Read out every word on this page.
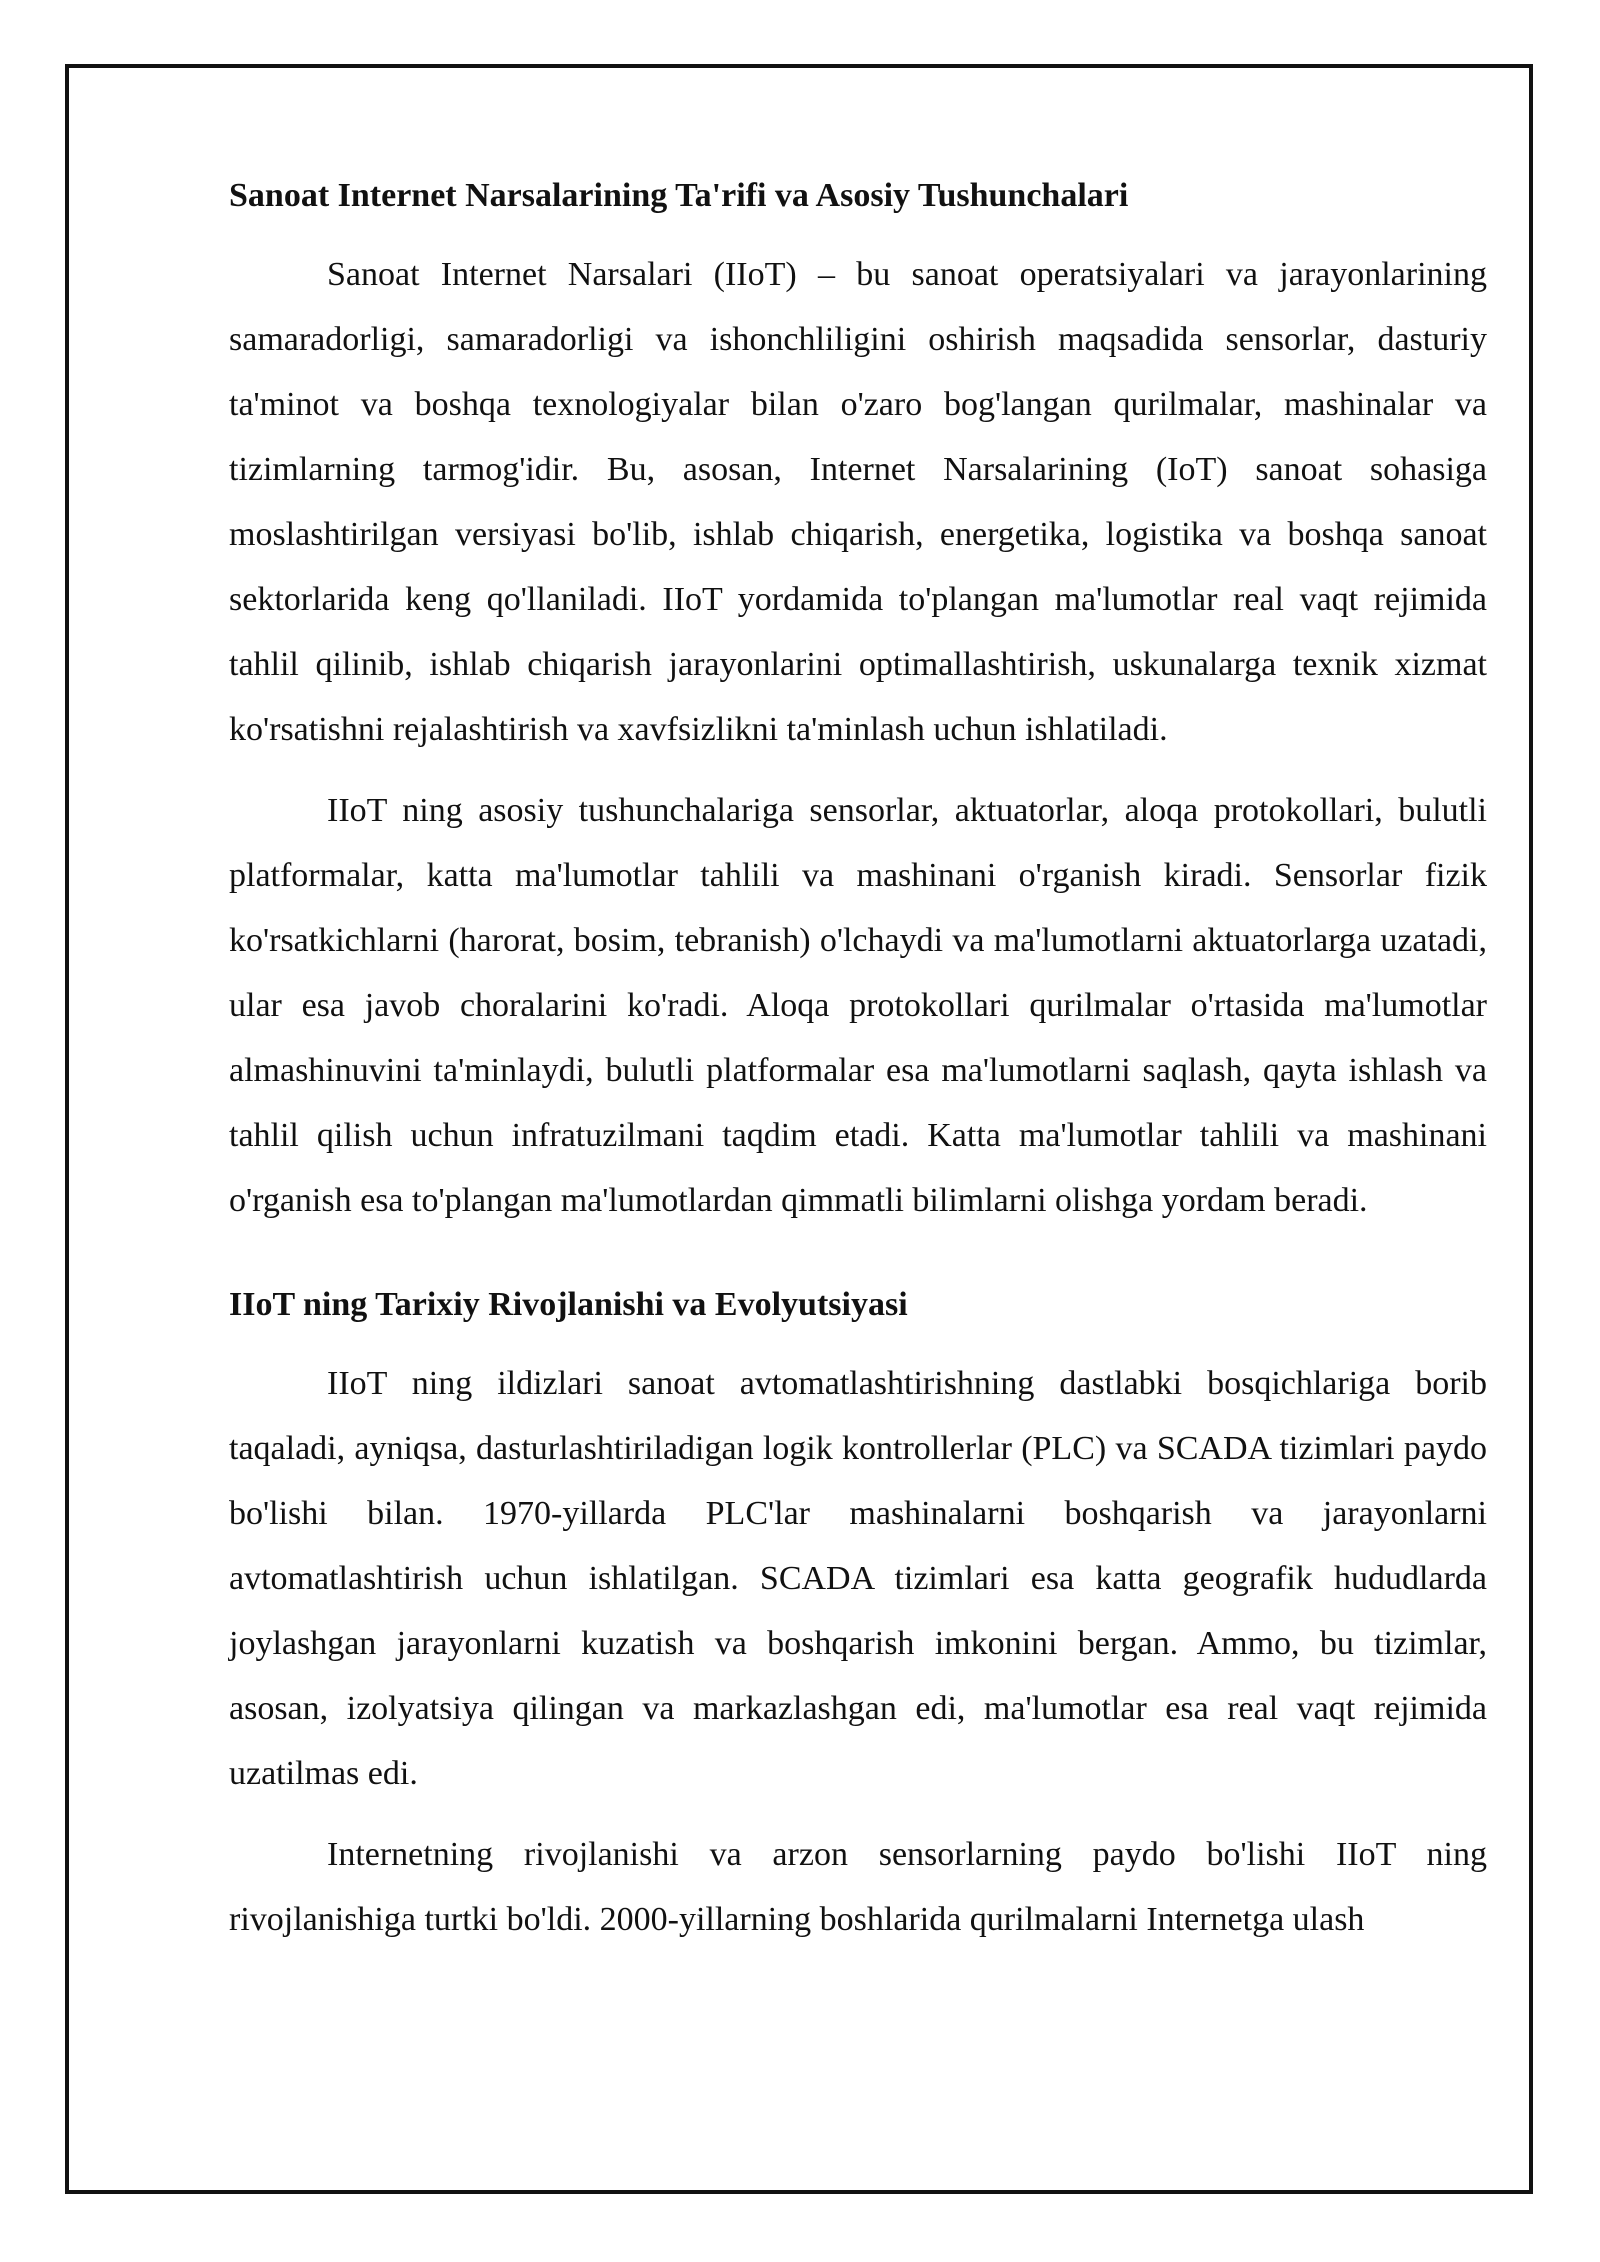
Sanoat Internet Narsalarining Ta'rifi va Asosiy Tushunchalari

Sanoat Internet Narsalari (IIoT) – bu sanoat operatsiyalari va jarayonlarining samaradorligi, samaradorligi va ishonchliligini oshirish maqsadida sensorlar, dasturiy ta'minot va boshqa texnologiyalar bilan o'zaro bog'langan qurilmalar, mashinalar va tizimlarning tarmog'idir. Bu, asosan, Internet Narsalarining (IoT) sanoat sohasiga moslashtirilgan versiyasi bo'lib, ishlab chiqarish, energetika, logistika va boshqa sanoat sektorlarida keng qo'llaniladi. IIoT yordamida to'plangan ma'lumotlar real vaqt rejimida tahlil qilinib, ishlab chiqarish jarayonlarini optimallashtirish, uskunalarga texnik xizmat ko'rsatishni rejalashtirish va xavfsizlikni ta'minlash uchun ishlatiladi.

IIoT ning asosiy tushunchalariga sensorlar, aktuatorlar, aloqa protokollari, bulutli platformalar, katta ma'lumotlar tahlili va mashinani o'rganish kiradi. Sensorlar fizik ko'rsatkichlarni (harorat, bosim, tebranish) o'lchaydi va ma'lumotlarni aktuatorlarga uzatadi, ular esa javob choralarini ko'radi. Aloqa protokollari qurilmalar o'rtasida ma'lumotlar almashinuvini ta'minlaydi, bulutli platformalar esa ma'lumotlarni saqlash, qayta ishlash va tahlil qilish uchun infratuzilmani taqdim etadi. Katta ma'lumotlar tahlili va mashinani o'rganish esa to'plangan ma'lumotlardan qimmatli bilimlarni olishga yordam beradi.

IIoT ning Tarixiy Rivojlanishi va Evolyutsiyasi

IIoT ning ildizlari sanoat avtomatlashtirishning dastlabki bosqichlariga borib taqaladi, ayniqsa, dasturlashtiriladigan logik kontrollerlar (PLC) va SCADA tizimlari paydo bo'lishi bilan. 1970-yillarda PLC'lar mashinalarni boshqarish va jarayonlarni avtomatlashtirish uchun ishlatilgan. SCADA tizimlari esa katta geografik hududlarda joylashgan jarayonlarni kuzatish va boshqarish imkonini bergan. Ammo, bu tizimlar, asosan, izolyatsiya qilingan va markazlashgan edi, ma'lumotlar esa real vaqt rejimida uzatilmas edi.

Internetning rivojlanishi va arzon sensorlarning paydo bo'lishi IIoT ning rivojlanishiga turtki bo'ldi. 2000-yillarning boshlarida qurilmalarni Internetga ulash
